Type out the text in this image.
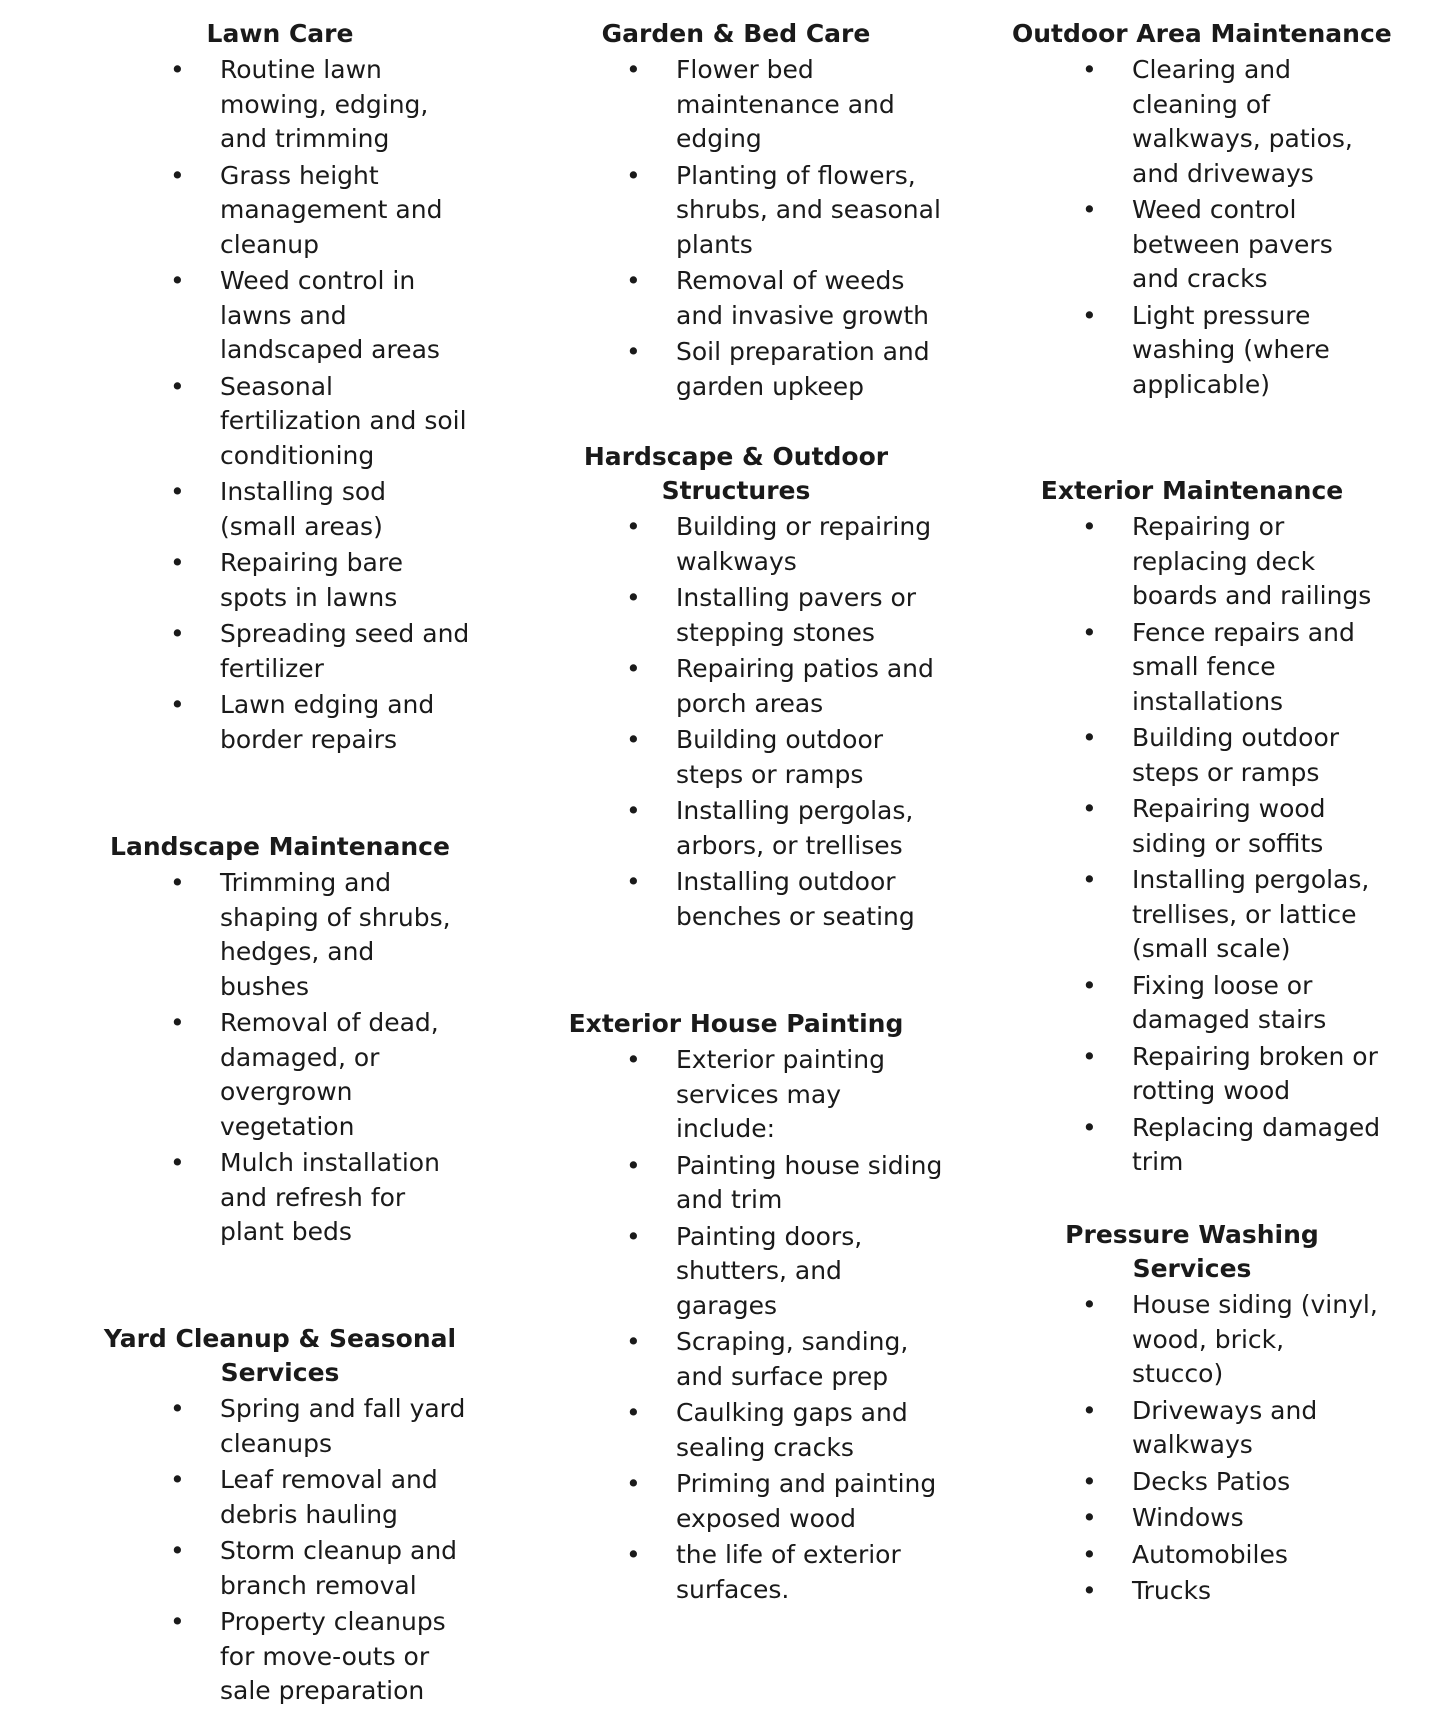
Lawn Care
• Routine lawn mowing, edging, and trimming
• Grass height management and cleanup
• Weed control in lawns and landscaped areas
• Seasonal fertilization and soil conditioning
• Installing sod (small areas)
• Repairing bare spots in lawns
• Spreading seed and fertilizer
• Lawn edging and border repairs
Landscape Maintenance
• Trimming and shaping of shrubs, hedges, and bushes
• Removal of dead, damaged, or overgrown vegetation
• Mulch installation and refresh for plant beds
Yard Cleanup & Seasonal
Services
• Spring and fall yard cleanups
• Leaf removal and debris hauling
• Storm cleanup and branch removal
• Property cleanups for move-outs or sale preparation
Garden & Bed Care
• Flower bed maintenance and edging
• Planting of flowers, shrubs, and seasonal plants
• Removal of weeds and invasive growth
• Soil preparation and garden upkeep
Hardscape & Outdoor
Structures
• Building or repairing walkways
• Installing pavers or stepping stones
• Repairing patios and porch areas
• Building outdoor steps or ramps
• Installing pergolas, arbors, or trellises
• Installing outdoor benches or seating
Exterior House Painting
• Exterior painting services may include:
• Painting house siding and trim
• Painting doors, shutters, and garages
• Scraping, sanding, and surface prep
• Caulking gaps and sealing cracks
• Priming and painting exposed wood
• the life of exterior surfaces.
Outdoor Area Maintenance
• Clearing and cleaning of walkways, patios, and driveways
• Weed control between pavers and cracks
• Light pressure washing (where applicable)
Exterior Maintenance
• Repairing or replacing deck boards and railings
• Fence repairs and small fence installations
• Building outdoor steps or ramps
• Repairing wood siding or soffits
• Installing pergolas, trellises, or lattice (small scale)
• Fixing loose or damaged stairs
• Repairing broken or rotting wood
• Replacing damaged trim
Pressure Washing
Services
• House siding (vinyl, wood, brick, stucco)
• Driveways and walkways
• Decks Patios
• Windows
• Automobiles
• Trucks
